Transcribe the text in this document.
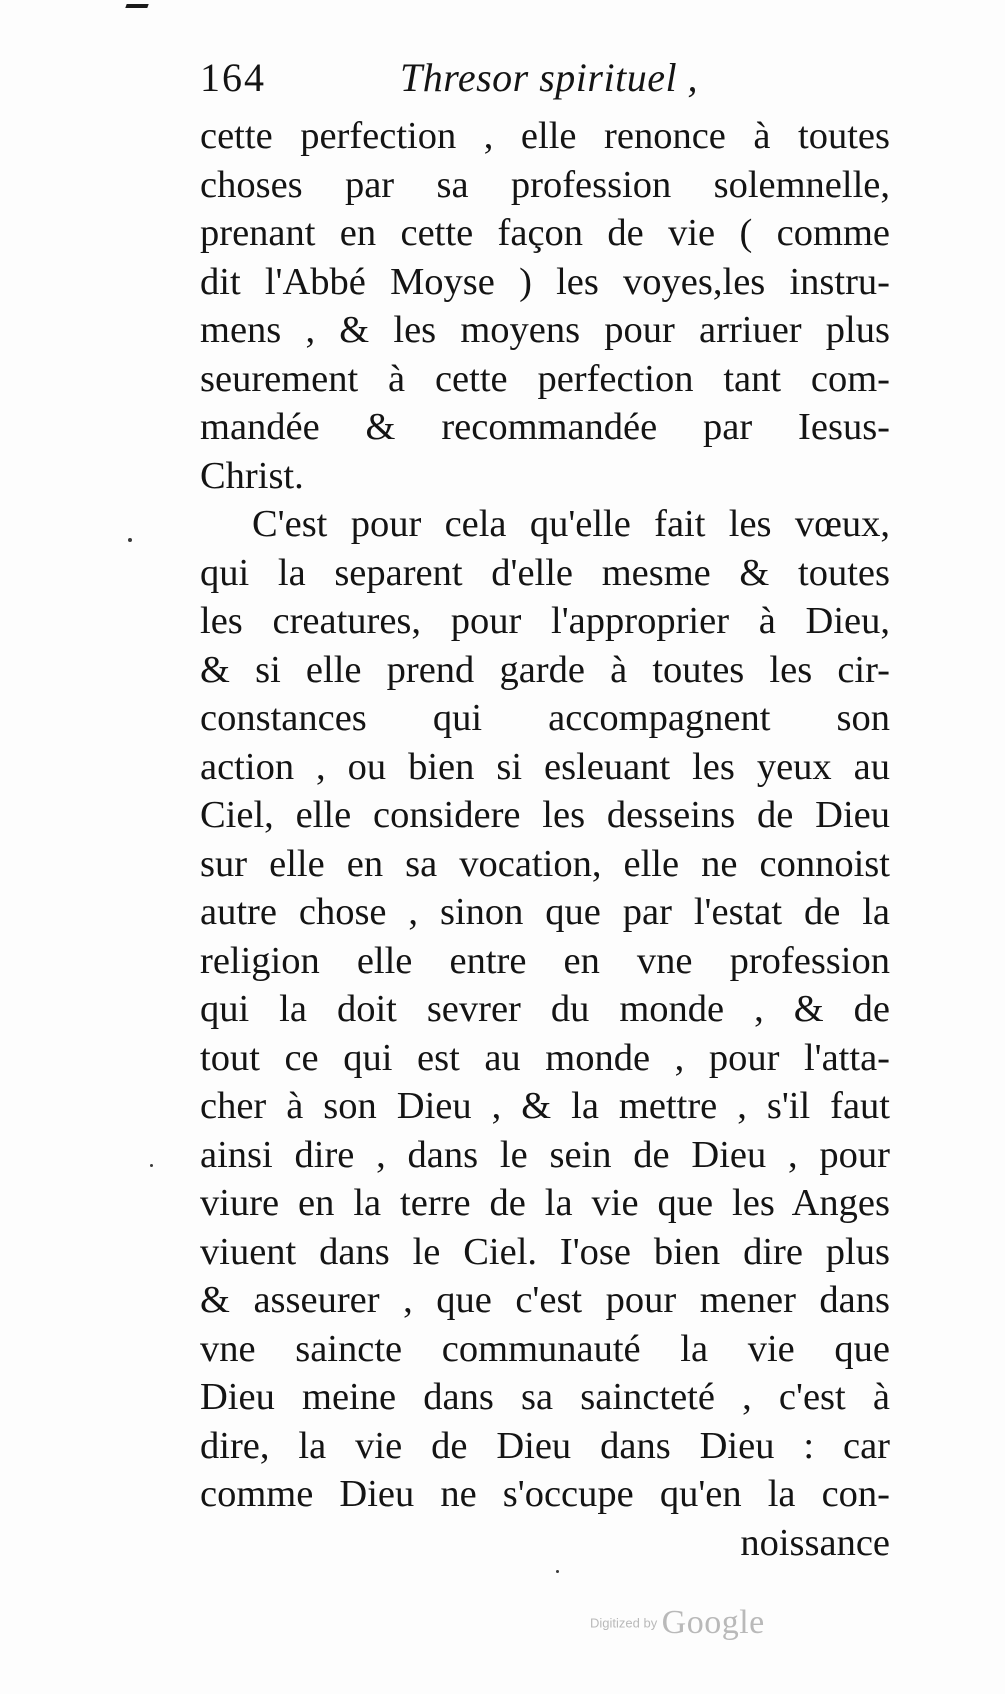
164	Thresor spirituel ,
cette perfection , elle renonce à toutes
choses par sa profession solemnelle,
prenant en cette façon de vie ( comme
dit l'Abbé Moyse ) les voyes,les instru-
mens , & les moyens pour arriuer plus
seurement à cette perfection tant com-
mandée & recommandée par Iesus-
Christ.
C'est pour cela qu'elle fait les vœux,
qui la separent d'elle mesme & toutes
les creatures, pour l'approprier à Dieu,
& si elle prend garde à toutes les cir-
constances qui accompagnent son
action , ou bien si esleuant les yeux au
Ciel, elle considere les desseins de Dieu
sur elle en sa vocation, elle ne connoist
autre chose , sinon que par l'estat de la
religion elle entre en vne profession
qui la doit sevrer du monde , & de
tout ce qui est au monde , pour l'atta-
cher à son Dieu , & la mettre , s'il faut
ainsi dire , dans le sein de Dieu , pour
viure en la terre de la vie que les Anges
viuent dans le Ciel. I'ose bien dire plus
& asseurer , que c'est pour mener dans
vne saincte communauté la vie que
Dieu meine dans sa saincteté , c'est à
dire, la vie de Dieu dans Dieu : car
comme Dieu ne s'occupe qu'en la con-
noissance
Digitized by Google
